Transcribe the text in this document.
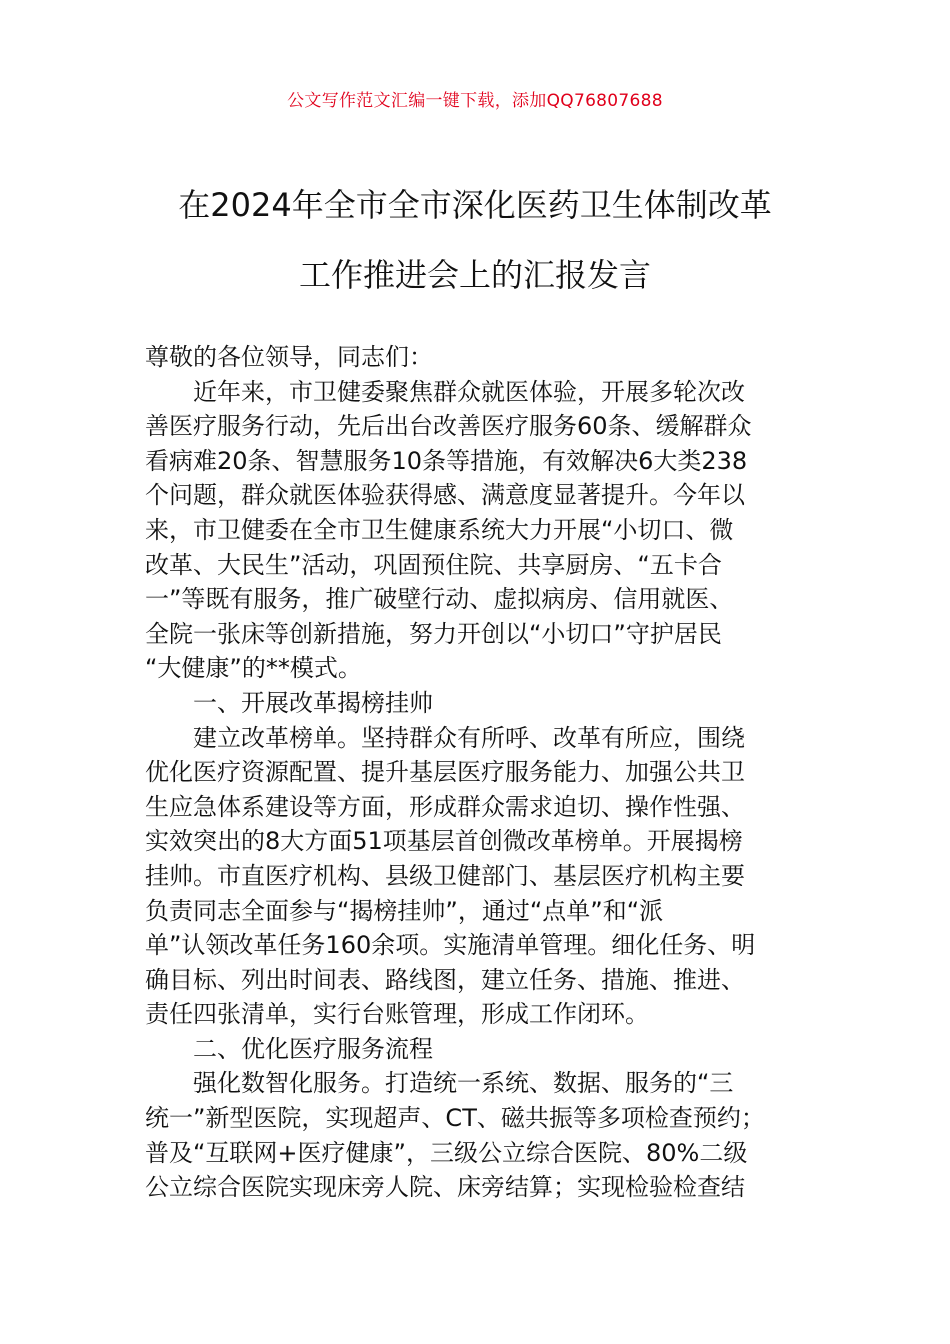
公文写作范文汇编一键下载，添加QQ76807688
在2024年全市全市深化医药卫生体制改革
工作推进会上的汇报发言
尊敬的各位领导，同志们：
近年来，市卫健委聚焦群众就医体验，开展多轮次改
善医疗服务行动，先后出台改善医疗服务60条、缓解群众
看病难20条、智慧服务10条等措施，有效解决6大类238
个问题，群众就医体验获得感、满意度显著提升。今年以
来，市卫健委在全市卫生健康系统大力开展“小切口、微
改革、大民生”活动，巩固预住院、共享厨房、“五卡合
一”等既有服务，推广破壁行动、虚拟病房、信用就医、
全院一张床等创新措施，努力开创以“小切口”守护居民
“大健康”的**模式。
一、开展改革揭榜挂帅
建立改革榜单。坚持群众有所呼、改革有所应，围绕
优化医疗资源配置、提升基层医疗服务能力、加强公共卫
生应急体系建设等方面，形成群众需求迫切、操作性强、
实效突出的8大方面51项基层首创微改革榜单。开展揭榜
挂帅。市直医疗机构、县级卫健部门、基层医疗机构主要
负责同志全面参与“揭榜挂帅”，通过“点单”和“派
单”认领改革任务160余项。实施清单管理。细化任务、明
确目标、列出时间表、路线图，建立任务、措施、推进、
责任四张清单，实行台账管理，形成工作闭环。
二、优化医疗服务流程
强化数智化服务。打造统一系统、数据、服务的“三
统一”新型医院，实现超声、CT、磁共振等多项检查预约；
普及“互联网+医疗健康”，三级公立综合医院、80%二级
公立综合医院实现床旁人院、床旁结算；实现检验检查结
